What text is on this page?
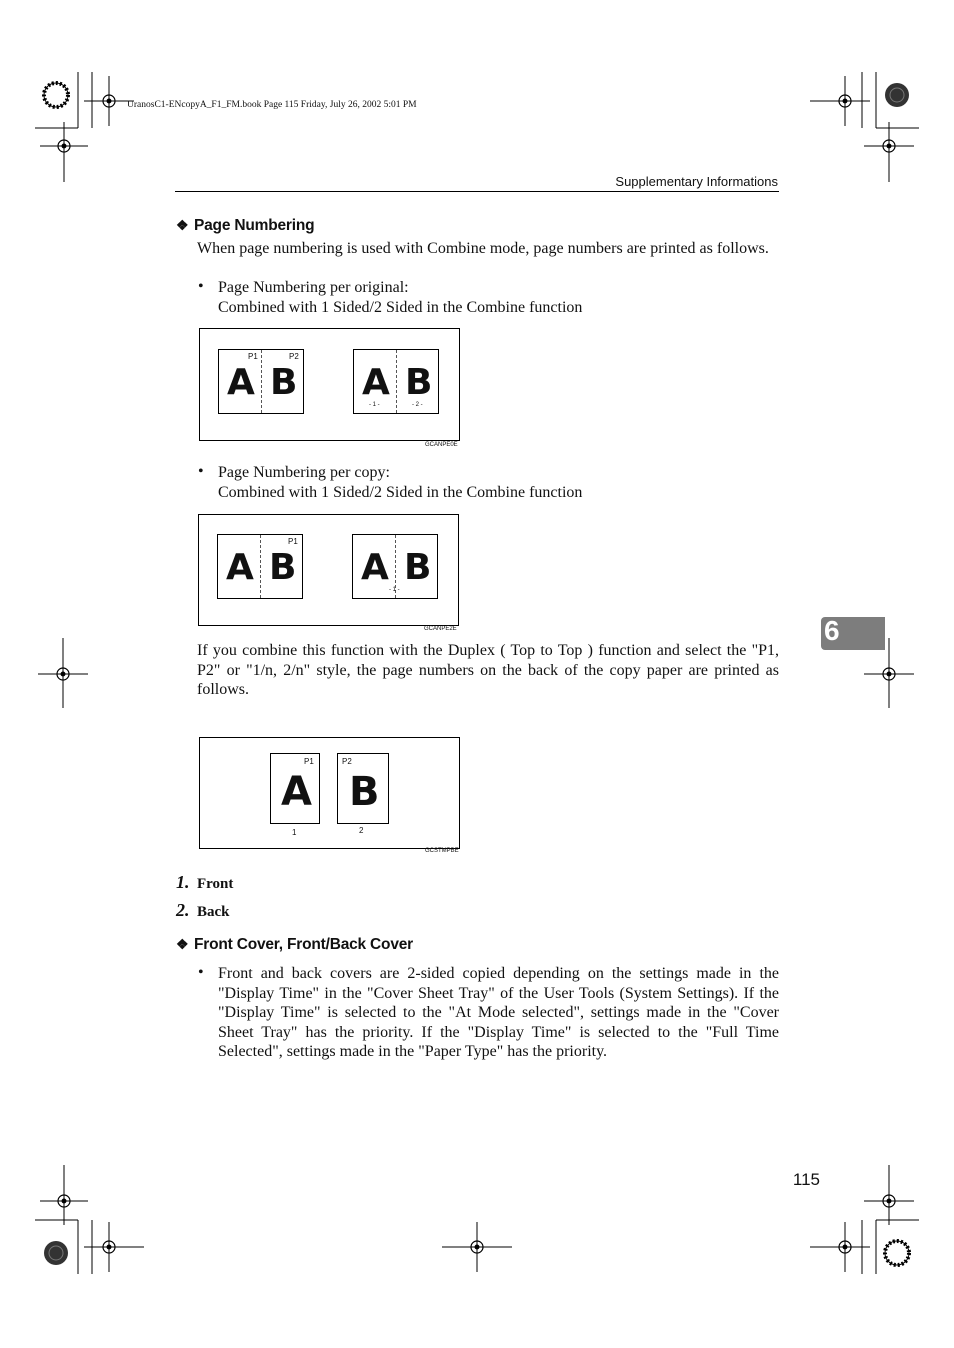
UranosC1-ENcopyA_F1_FM.book Page 115 Friday, July 26, 2002 5:01 PM
Supplementary Informations
❖ Page Numbering
When page numbering is used with Combine mode, page numbers are printed as follows.
• Page Numbering per original:
Combined with 1 Sided/2 Sided in the Combine function
P1	P2
A B A B
- 1 -	- 2 -
GCANPE0E
• Page Numbering per copy:
Combined with 1 Sided/2 Sided in the Combine function
P1
A B A B
- 1 -
GCANPE2E
If you combine this function with the Duplex ( Top to Top ) function and select the "P1, P2" or "1/n, 2/n" style, the page numbers on the back of the copy paper are printed as follows.
P1
A
P2
B
1	2
GCSTMPBE
1. Front
2. Back
❖ Front Cover, Front/Back Cover
• Front and back covers are 2-sided copied depending on the settings made in the "Display Time" in the "Cover Sheet Tray" of the User Tools (System Settings). If the "Display Time" is selected to the "At Mode selected", settings made in the "Cover Sheet Tray" has the priority. If the "Display Time" is selected to the "Full Time Selected", settings made in the "Paper Type" has the priority.
6
115
